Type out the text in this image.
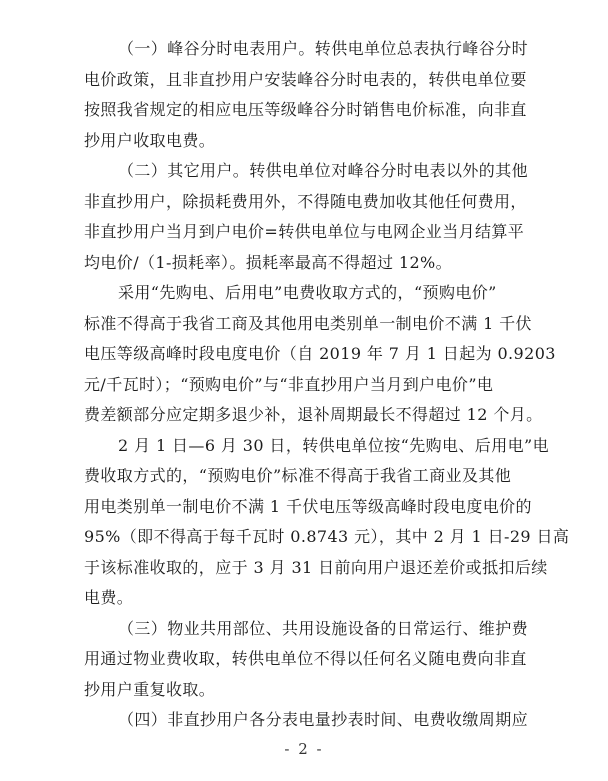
（一）峰谷分时电表用户。转供电单位总表执行峰谷分时
电价政策，且非直抄用户安装峰谷分时电表的，转供电单位要
按照我省规定的相应电压等级峰谷分时销售电价标准，向非直
抄用户收取电费。

（二）其它用户。转供电单位对峰谷分时电表以外的其他
非直抄用户，除损耗费用外，不得随电费加收其他任何费用，
非直抄用户当月到户电价=转供电单位与电网企业当月结算平
均电价/（1-损耗率）。损耗率最高不得超过 12%。

采用“先购电、后用电”电费收取方式的，“预购电价”
标准不得高于我省工商及其他用电类别单一制电价不满 1 千伏
电压等级高峰时段电度电价（自 2019 年 7 月 1 日起为 0.9203
元/千瓦时）；“预购电价”与“非直抄用户当月到户电价”电
费差额部分应定期多退少补，退补周期最长不得超过 12 个月。

2 月 1 日—6 月 30 日，转供电单位按“先购电、后用电”电
费收取方式的，“预购电价”标准不得高于我省工商业及其他
用电类别单一制电价不满 1 千伏电压等级高峰时段电度电价的
95%（即不得高于每千瓦时 0.8743 元），其中 2 月 1 日-29 日高
于该标准收取的，应于 3 月 31 日前向用户退还差价或抵扣后续
电费。

（三）物业共用部位、共用设施设备的日常运行、维护费
用通过物业费收取，转供电单位不得以任何名义随电费向非直
抄用户重复收取。

（四）非直抄用户各分表电量抄表时间、电费收缴周期应

- 2 -
